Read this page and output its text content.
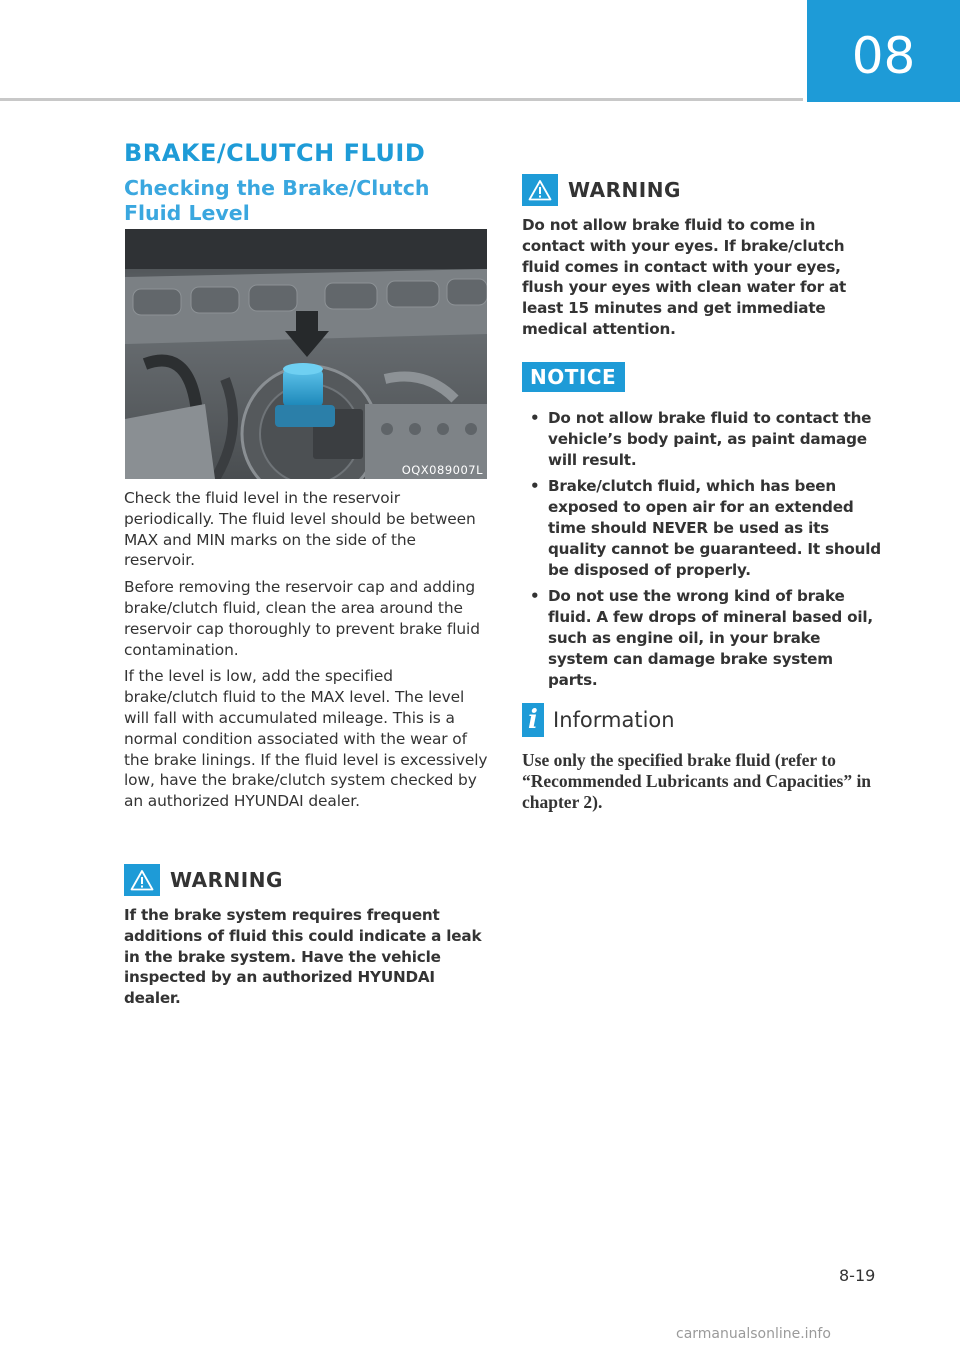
08
BRAKE/CLUTCH FLUID
Checking the Brake/Clutch Fluid Level
OQX089007L

Check the fluid level in the reservoir periodically. The fluid level should be between MAX and MIN marks on the side of the reservoir.

Before removing the reservoir cap and adding brake/clutch fluid, clean the area around the reservoir cap thoroughly to prevent brake fluid contamination.

If the level is low, add the specified brake/clutch fluid to the MAX level. The level will fall with accumulated mileage. This is a normal condition associated with the wear of the brake linings. If the fluid level is excessively low, have the brake/clutch system checked by an authorized HYUNDAI dealer.

WARNING

If the brake system requires frequent additions of fluid this could indicate a leak in the brake system. Have the vehicle inspected by an authorized HYUNDAI dealer.

WARNING

Do not allow brake fluid to come in contact with your eyes. If brake/clutch fluid comes in contact with your eyes, flush your eyes with clean water for at least 15 minutes and get immediate medical attention.

NOTICE
• Do not allow brake fluid to contact the vehicle’s body paint, as paint damage will result.
• Brake/clutch fluid, which has been exposed to open air for an extended time should NEVER be used as its quality cannot be guaranteed. It should be disposed of properly.
• Do not use the wrong kind of brake fluid. A few drops of mineral based oil, such as engine oil, in your brake system can damage brake system parts.
i Information

Use only the specified brake fluid (refer to “Recommended Lubricants and Capacities” in chapter 2).

8-19
carmanualsonline.info
